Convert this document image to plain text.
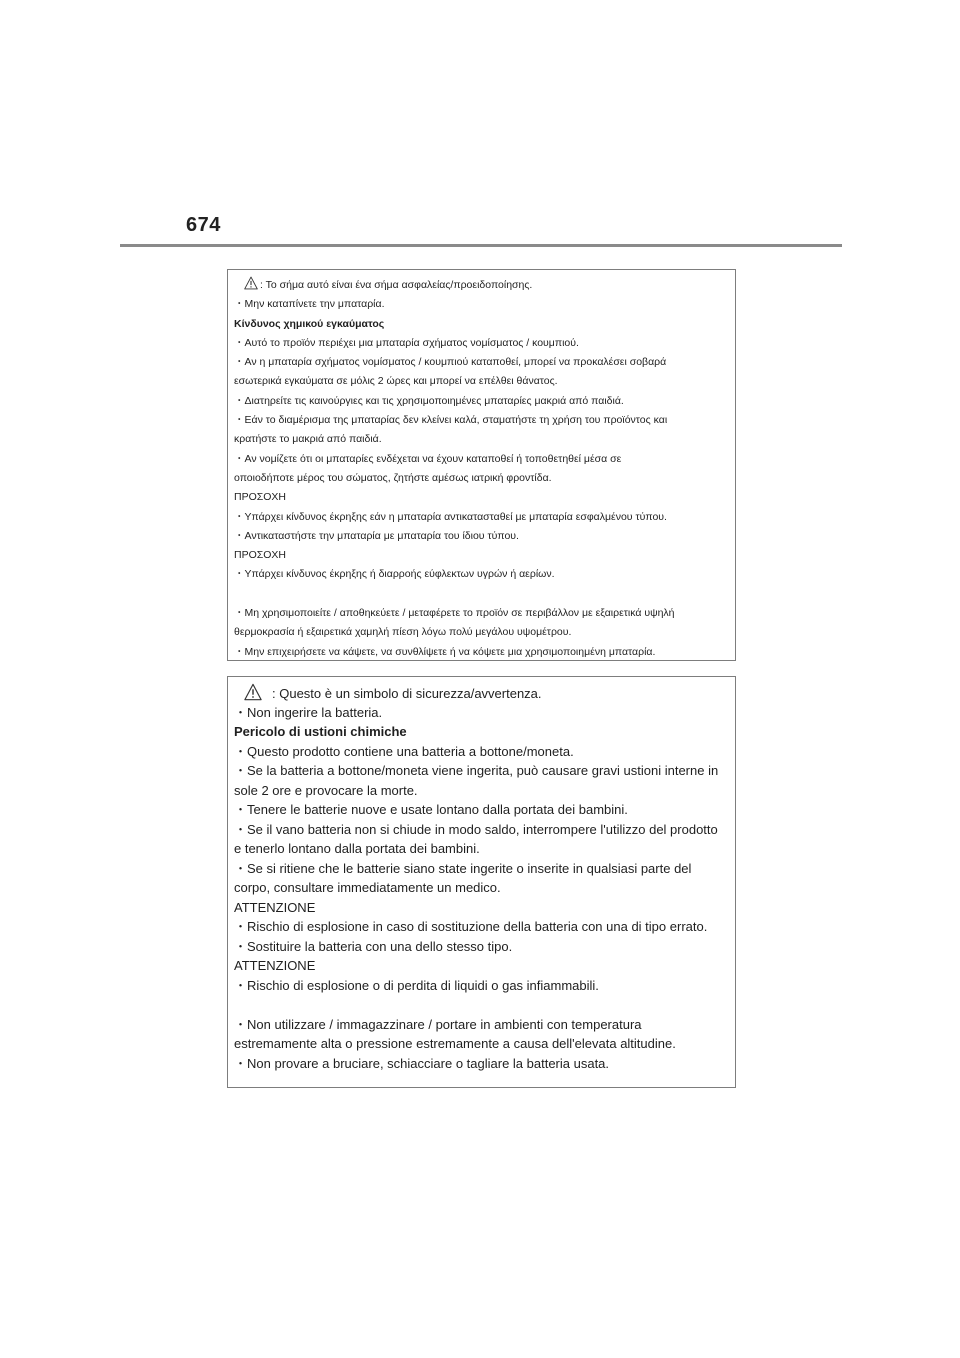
674
: Το σήμα αυτό είναι ένα σήμα ασφαλείας/προειδοποίησης.
・Μην καταπίνετε την μπαταρία.
Κίνδυνος χημικού εγκαύματος
・Αυτό το προϊόν περιέχει μια μπαταρία σχήματος νομίσματος / κουμπιού.
・Αν η μπαταρία σχήματος νομίσματος / κουμπιού καταποθεί, μπορεί να προκαλέσει σοβαρά
εσωτερικά εγκαύματα σε μόλις 2 ώρες και μπορεί να επέλθει θάνατος.
・Διατηρείτε τις καινούργιες και τις χρησιμοποιημένες μπαταρίες μακριά από παιδιά.
・Εάν το διαμέρισμα της μπαταρίας δεν κλείνει καλά, σταματήστε τη χρήση του προϊόντος και
κρατήστε το μακριά από παιδιά.
・Αν νομίζετε ότι οι μπαταρίες ενδέχεται να έχουν καταποθεί ή τοποθετηθεί μέσα σε
οποιοδήποτε μέρος του σώματος, ζητήστε αμέσως ιατρική φροντίδα.
ΠΡΟΣΟΧΗ
・Υπάρχει κίνδυνος έκρηξης εάν η μπαταρία αντικατασταθεί με μπαταρία εσφαλμένου τύπου.
・Αντικαταστήστε την μπαταρία με μπαταρία του ίδιου τύπου.
ΠΡΟΣΟΧΗ
・Υπάρχει κίνδυνος έκρηξης ή διαρροής εύφλεκτων υγρών ή αερίων.
・Μη χρησιμοποιείτε / αποθηκεύετε / μεταφέρετε το προϊόν σε περιβάλλον με εξαιρετικά υψηλή
θερμοκρασία ή εξαιρετικά χαμηλή πίεση λόγω πολύ μεγάλου υψομέτρου.
・Μην επιχειρήσετε να κάψετε, να συνθλίψετε ή να κόψετε μια χρησιμοποιημένη μπαταρία.
: Questo è un simbolo di sicurezza/avvertenza.
・Non ingerire la batteria.
Pericolo di ustioni chimiche
・Questo prodotto contiene una batteria a bottone/moneta.
・Se la batteria a bottone/moneta viene ingerita, può causare gravi ustioni interne in
sole 2 ore e provocare la morte.
・Tenere le batterie nuove e usate lontano dalla portata dei bambini.
・Se il vano batteria non si chiude in modo saldo, interrompere l'utilizzo del prodotto
e tenerlo lontano dalla portata dei bambini.
・Se si ritiene che le batterie siano state ingerite o inserite in qualsiasi parte del
corpo, consultare immediatamente un medico.
ATTENZIONE
・Rischio di esplosione in caso di sostituzione della batteria con una di tipo errato.
・Sostituire la batteria con una dello stesso tipo.
ATTENZIONE
・Rischio di esplosione o di perdita di liquidi o gas infiammabili.
・Non utilizzare / immagazzinare / portare in ambienti con temperatura
estremamente alta o pressione estremamente a causa dell'elevata altitudine.
・Non provare a bruciare, schiacciare o tagliare la batteria usata.
